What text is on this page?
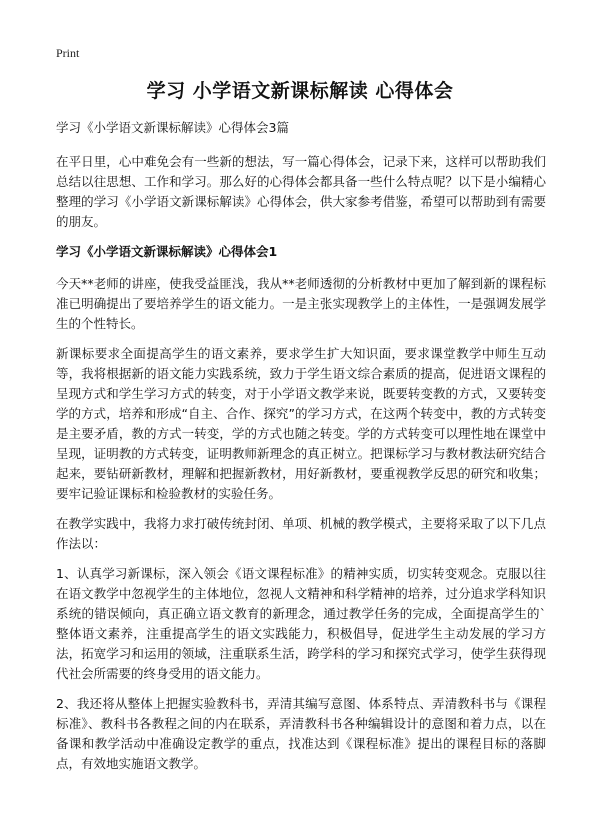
Print
学习 小学语文新课标解读 心得体会

学习《小学语文新课标解读》心得体会3篇

在平日里，心中难免会有一些新的想法，写一篇心得体会，记录下来，这样可以帮助我们总结以往思想、工作和学习。那么好的心得体会都具备一些什么特点呢？以下是小编精心整理的学习《小学语文新课标解读》心得体会，供大家参考借鉴，希望可以帮助到有需要的朋友。

学习《小学语文新课标解读》心得体会1

今天**老师的讲座，使我受益匪浅，我从**老师透彻的分析教材中更加了解到新的课程标准已明确提出了要培养学生的语文能力。一是主张实现教学上的主体性，一是强调发展学生的个性特长。

新课标要求全面提高学生的语文素养，要求学生扩大知识面，要求课堂教学中师生互动等，我将根据新的语文能力实践系统，致力于学生语文综合素质的提高，促进语文课程的呈现方式和学生学习方式的转变，对于小学语文教学来说，既要转变教的方式，又要转变学的方式，培养和形成“自主、合作、探究”的学习方式，在这两个转变中，教的方式转变是主要矛盾，教的方式一转变，学的方式也随之转变。学的方式转变可以理性地在课堂中呈现，证明教的方式转变，证明教师新理念的真正树立。把课标学习与教材教法研究结合起来，要钻研新教材，理解和把握新教材，用好新教材，要重视教学反思的研究和收集；要牢记验证课标和检验教材的实验任务。

在教学实践中，我将力求打破传统封闭、单项、机械的教学模式，主要将采取了以下几点作法以：

1、认真学习新课标，深入领会《语文课程标准》的精神实质，切实转变观念。克服以往在语文教学中忽视学生的主体地位，忽视人文精神和科学精神的培养，过分追求学科知识系统的错误倾向，真正确立语文教育的新理念，通过教学任务的完成，全面提高学生的`整体语文素养，注重提高学生的语文实践能力，积极倡导，促进学生主动发展的学习方法，拓宽学习和运用的领域，注重联系生活，跨学科的学习和探究式学习，使学生获得现代社会所需要的终身受用的语文能力。

2、我还将从整体上把握实验教科书，弄清其编写意图、体系特点、弄清教科书与《课程标准》、教科书各教程之间的内在联系，弄清教科书各种编辑设计的意图和着力点，以在备课和教学活动中准确设定教学的重点，找准达到《课程标准》提出的课程目标的落脚点，有效地实施语文教学。
